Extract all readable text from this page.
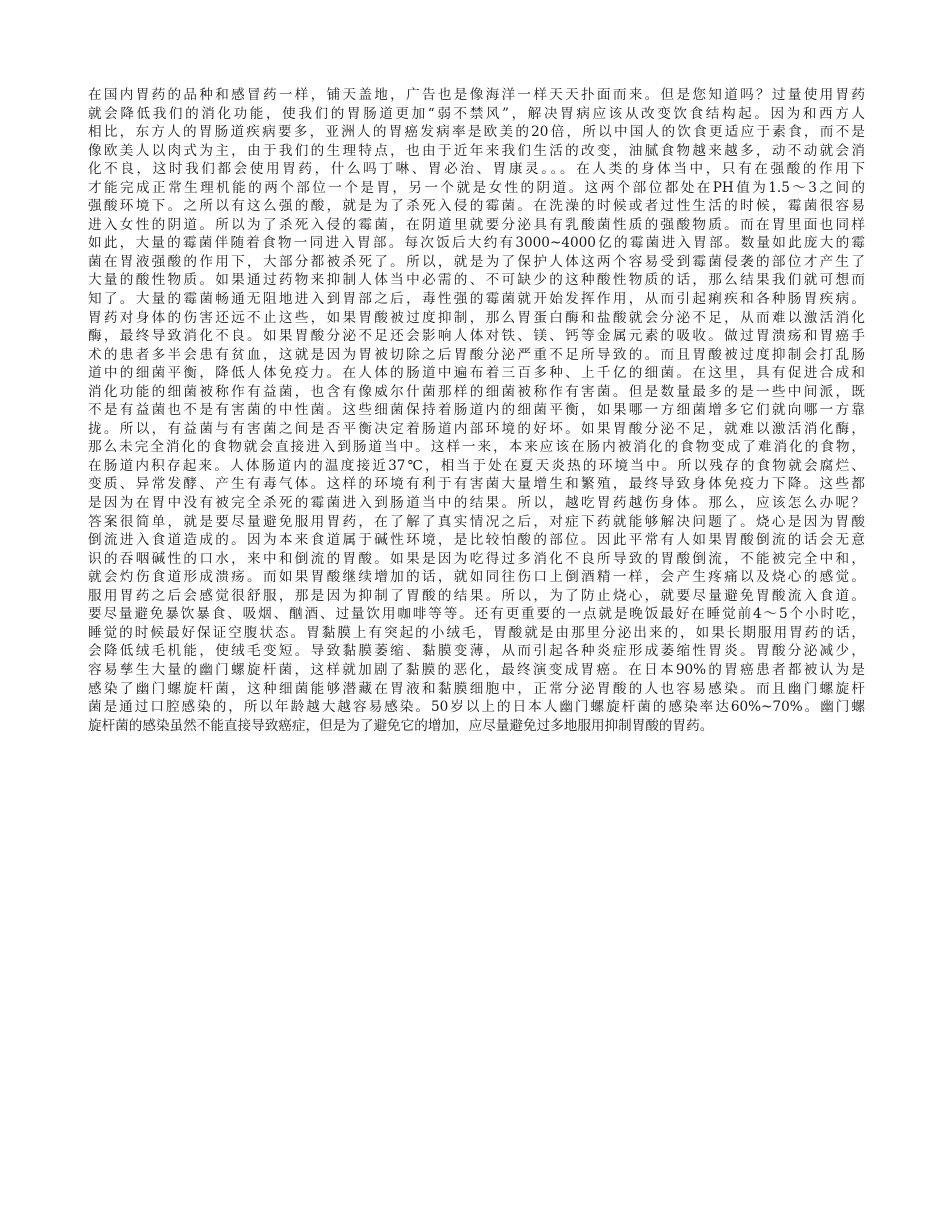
在国内胃药的品种和感冒药一样，铺天盖地，广告也是像海洋一样天天扑面而来。但是您知道吗？过量使用胃药
就会降低我们的消化功能，使我们的胃肠道更加“弱不禁风”，解决胃病应该从改变饮食结构起。因为和西方人
相比，东方人的胃肠道疾病要多，亚洲人的胃癌发病率是欧美的20倍，所以中国人的饮食更适应于素食，而不是
像欧美人以肉式为主，由于我们的生理特点，也由于近年来我们生活的改变，油腻食物越来越多，动不动就会消
化不良，这时我们都会使用胃药，什么吗丁啉、胃必治、胃康灵。。。在人类的身体当中，只有在强酸的作用下
才能完成正常生理机能的两个部位一个是胃，另一个就是女性的阴道。这两个部位都处在PH值为1.5～3之间的
强酸环境下。之所以有这么强的酸，就是为了杀死入侵的霉菌。在洗澡的时候或者过性生活的时候，霉菌很容易
进入女性的阴道。所以为了杀死入侵的霉菌，在阴道里就要分泌具有乳酸菌性质的强酸物质。而在胃里面也同样
如此，大量的霉菌伴随着食物一同进入胃部。每次饭后大约有3000~4000亿的霉菌进入胃部。数量如此庞大的霉
菌在胃液强酸的作用下，大部分都被杀死了。所以，就是为了保护人体这两个容易受到霉菌侵袭的部位才产生了
大量的酸性物质。如果通过药物来抑制人体当中必需的、不可缺少的这种酸性物质的话，那么结果我们就可想而
知了。大量的霉菌畅通无阻地进入到胃部之后，毒性强的霉菌就开始发挥作用，从而引起痢疾和各种肠胃疾病。
胃药对身体的伤害还远不止这些，如果胃酸被过度抑制，那么胃蛋白酶和盐酸就会分泌不足，从而难以激活消化
酶，最终导致消化不良。如果胃酸分泌不足还会影响人体对铁、镁、钙等金属元素的吸收。做过胃溃疡和胃癌手
术的患者多半会患有贫血，这就是因为胃被切除之后胃酸分泌严重不足所导致的。而且胃酸被过度抑制会打乱肠
道中的细菌平衡，降低人体免疫力。在人体的肠道中遍布着三百多种、上千亿的细菌。在这里，具有促进合成和
消化功能的细菌被称作有益菌，也含有像威尔什菌那样的细菌被称作有害菌。但是数量最多的是一些中间派，既
不是有益菌也不是有害菌的中性菌。这些细菌保持着肠道内的细菌平衡，如果哪一方细菌增多它们就向哪一方靠
拢。所以，有益菌与有害菌之间是否平衡决定着肠道内部环境的好坏。如果胃酸分泌不足，就难以激活消化酶，
那么未完全消化的食物就会直接进入到肠道当中。这样一来，本来应该在肠内被消化的食物变成了难消化的食物，
在肠道内积存起来。人体肠道内的温度接近37℃，相当于处在夏天炎热的环境当中。所以残存的食物就会腐烂、
变质、异常发酵、产生有毒气体。这样的环境有利于有害菌大量增生和繁殖，最终导致身体免疫力下降。这些都
是因为在胃中没有被完全杀死的霉菌进入到肠道当中的结果。所以，越吃胃药越伤身体。那么，应该怎么办呢？
答案很简单，就是要尽量避免服用胃药，在了解了真实情况之后，对症下药就能够解决问题了。烧心是因为胃酸
倒流进入食道造成的。因为本来食道属于碱性环境，是比较怕酸的部位。因此平常有人如果胃酸倒流的话会无意
识的吞咽碱性的口水，来中和倒流的胃酸。如果是因为吃得过多消化不良所导致的胃酸倒流，不能被完全中和，
就会灼伤食道形成溃疡。而如果胃酸继续增加的话，就如同往伤口上倒酒精一样，会产生疼痛以及烧心的感觉。
服用胃药之后会感觉很舒服，那是因为抑制了胃酸的结果。所以，为了防止烧心，就要尽量避免胃酸流入食道。
要尽量避免暴饮暴食、吸烟、酗酒、过量饮用咖啡等等。还有更重要的一点就是晚饭最好在睡觉前4～5个小时吃，
睡觉的时候最好保证空腹状态。胃黏膜上有突起的小绒毛，胃酸就是由那里分泌出来的，如果长期服用胃药的话，
会降低绒毛机能，使绒毛变短。导致黏膜萎缩、黏膜变薄，从而引起各种炎症形成萎缩性胃炎。胃酸分泌减少，
容易孳生大量的幽门螺旋杆菌，这样就加剧了黏膜的恶化，最终演变成胃癌。在日本90%的胃癌患者都被认为是
感染了幽门螺旋杆菌，这种细菌能够潜藏在胃液和黏膜细胞中，正常分泌胃酸的人也容易感染。而且幽门螺旋杆
菌是通过口腔感染的，所以年龄越大越容易感染。50岁以上的日本人幽门螺旋杆菌的感染率达60%~70%。幽门螺
旋杆菌的感染虽然不能直接导致癌症，但是为了避免它的增加，应尽量避免过多地服用抑制胃酸的胃药。
